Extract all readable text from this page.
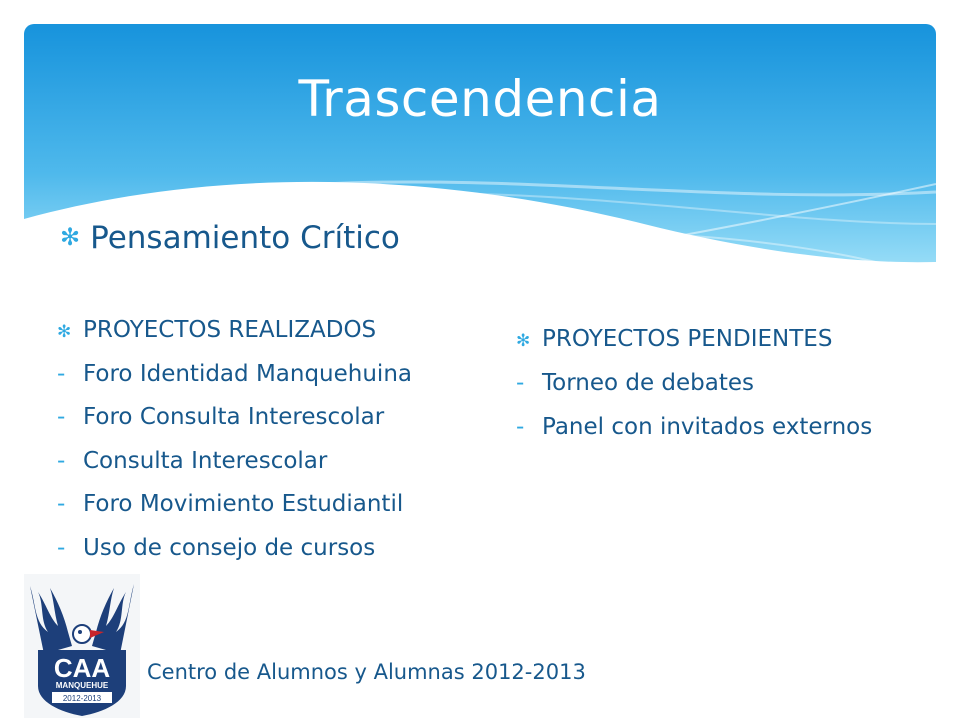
Trascendencia
✻ Pensamiento Crítico
✻ PROYECTOS REALIZADOS
- Foro Identidad Manquehuina
- Foro Consulta Interescolar
- Consulta Interescolar
- Foro Movimiento Estudiantil
- Uso de consejo de cursos
✻ PROYECTOS PENDIENTES
- Torneo de debates
- Panel con invitados externos
CAA
MANQUEHUE
2012-2013
Centro de Alumnos y Alumnas 2012-2013
